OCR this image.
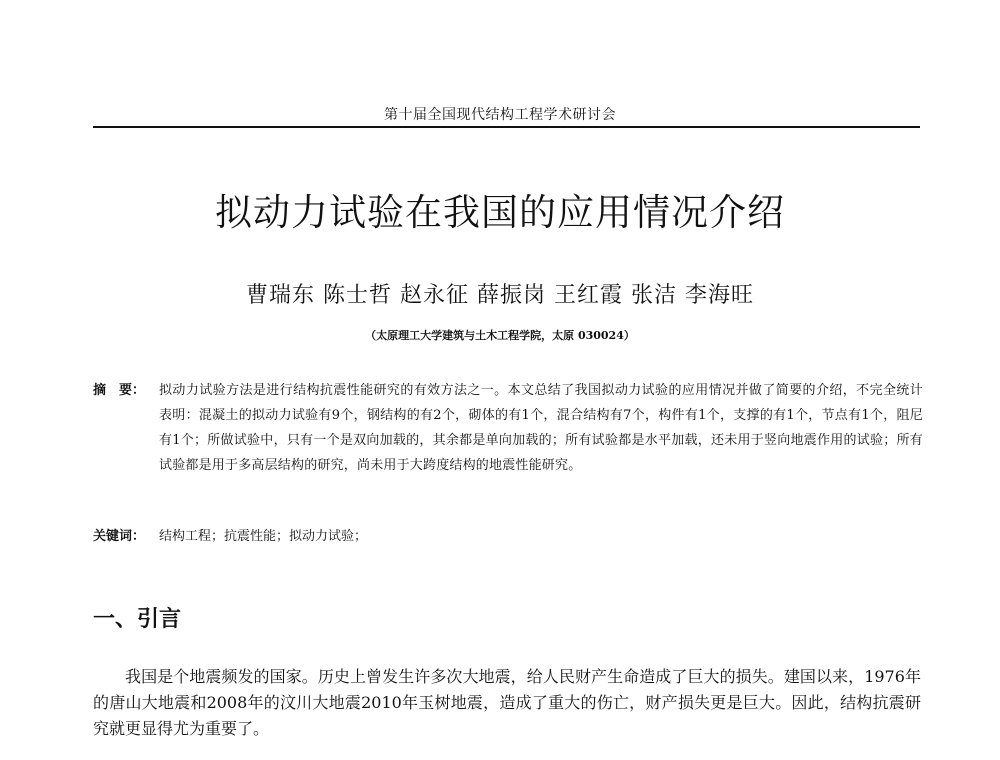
第十届全国现代结构工程学术研讨会
拟动力试验在我国的应用情况介绍
曹瑞东 陈士哲 赵永征 薛振岗 王红霞 张洁 李海旺
（太原理工大学建筑与土木工程学院，太原 030024）
摘　要：	拟动力试验方法是进行结构抗震性能研究的有效方法之一。本文总结了我国拟动力试验的应用情况并做了简要的介绍，不完全统计表明：混凝土的拟动力试验有9个，钢结构的有2个，砌体的有1个，混合结构有7个，构件有1个，支撑的有1个，节点有1个，阻尼有1个；所做试验中，只有一个是双向加载的，其余都是单向加载的；所有试验都是水平加载，还未用于竖向地震作用的试验；所有试验都是用于多高层结构的研究，尚未用于大跨度结构的地震性能研究。
关键词：	结构工程；抗震性能；拟动力试验；
一、引言

我国是个地震频发的国家。历史上曾发生许多次大地震，给人民财产生命造成了巨大的损失。建国以来，1976年的唐山大地震和2008年的汶川大地震2010年玉树地震，造成了重大的伤亡，财产损失更是巨大。因此，结构抗震研究就更显得尤为重要了。
